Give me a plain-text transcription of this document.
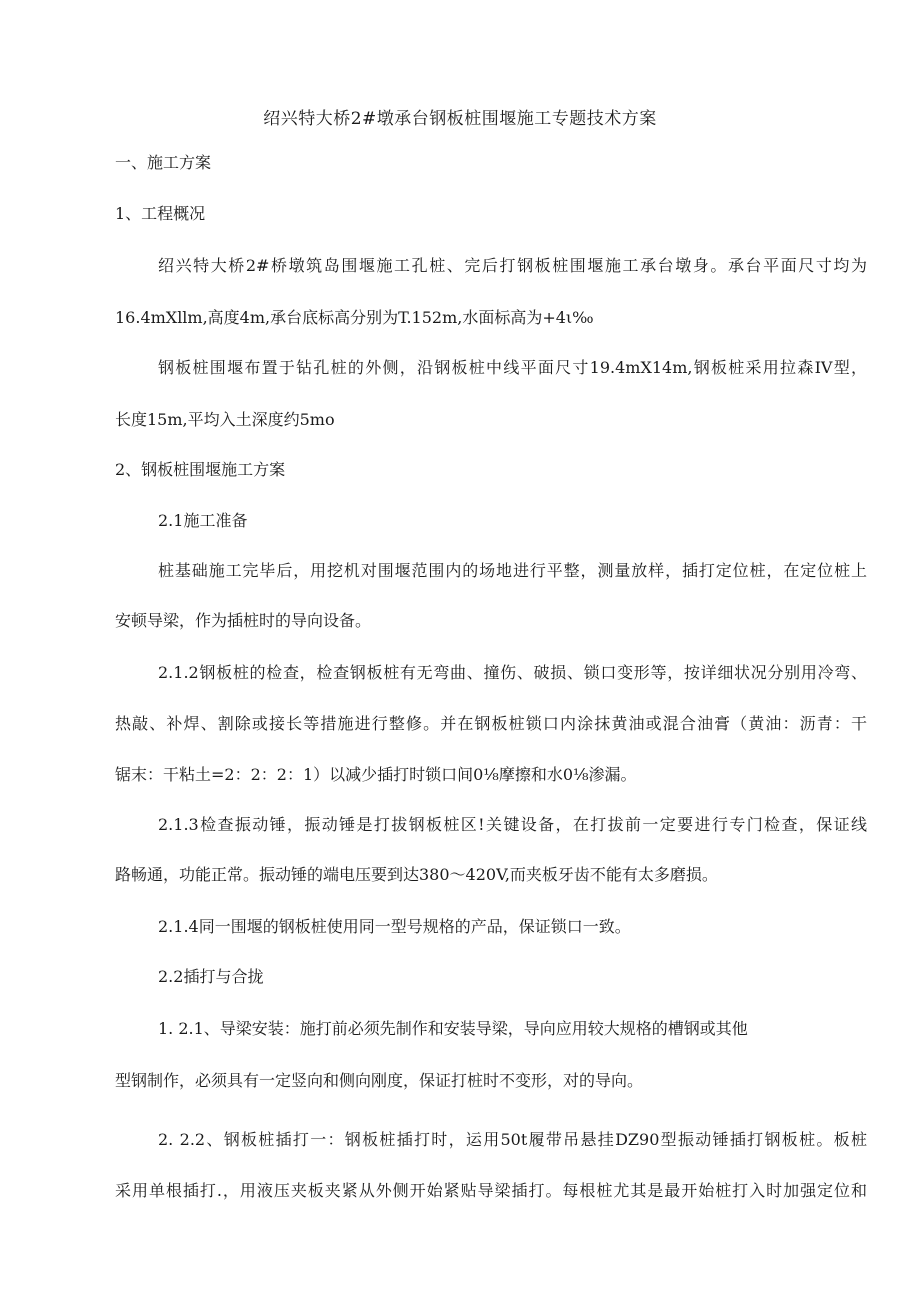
绍兴特大桥2#墩承台钢板桩围堰施工专题技术方案
一、施工方案
1、工程概况
绍兴特大桥2#桥墩筑岛围堰施工孔桩、完后打钢板桩围堰施工承台墩身。承台平面尺寸均为
16.4mXllm,高度4m,承台底标高分别为T.152m,水面标高为+4ι‰
钢板桩围堰布置于钻孔桩的外侧，沿钢板桩中线平面尺寸19.4mX14m,钢板桩采用拉森IV型，
长度15m,平均入土深度约5mo
2、钢板桩围堰施工方案
2.1施工准备
桩基础施工完毕后，用挖机对围堰范围内的场地进行平整，测量放样，插打定位桩，在定位桩上
安顿导梁，作为插桩时的导向设备。
2.1.2钢板桩的检查，检查钢板桩有无弯曲、撞伤、破损、锁口变形等，按详细状况分别用冷弯、
热敲、补焊、割除或接长等措施进行整修。并在钢板桩锁口内涂抹黄油或混合油膏（黄油：沥青：干
锯末：干粘土=2：2：2：1）以减少插打时锁口间0⅛摩擦和水0⅛渗漏。
2.1.3检查振动锤，振动锤是打拔钢板桩区!关键设备，在打拔前一定要进行专门检查，保证线
路畅通，功能正常。振动锤的端电压要到达380～420V,而夹板牙齿不能有太多磨损。
2.1.4同一围堰的钢板桩使用同一型号规格的产品，保证锁口一致。
2.2插打与合拢
1. 2.1、导梁安装：施打前必须先制作和安装导梁，导向应用较大规格的槽钢或其他
型钢制作，必须具有一定竖向和侧向刚度，保证打桩时不变形，对的导向。
2. 2.2、钢板桩插打一：钢板桩插打时，运用50t履带吊悬挂DZ90型振动锤插打钢板桩。板桩
采用单根插打.，用液压夹板夹紧从外侧开始紧贴导梁插打。每根桩尤其是最开始桩打入时加强定位和
